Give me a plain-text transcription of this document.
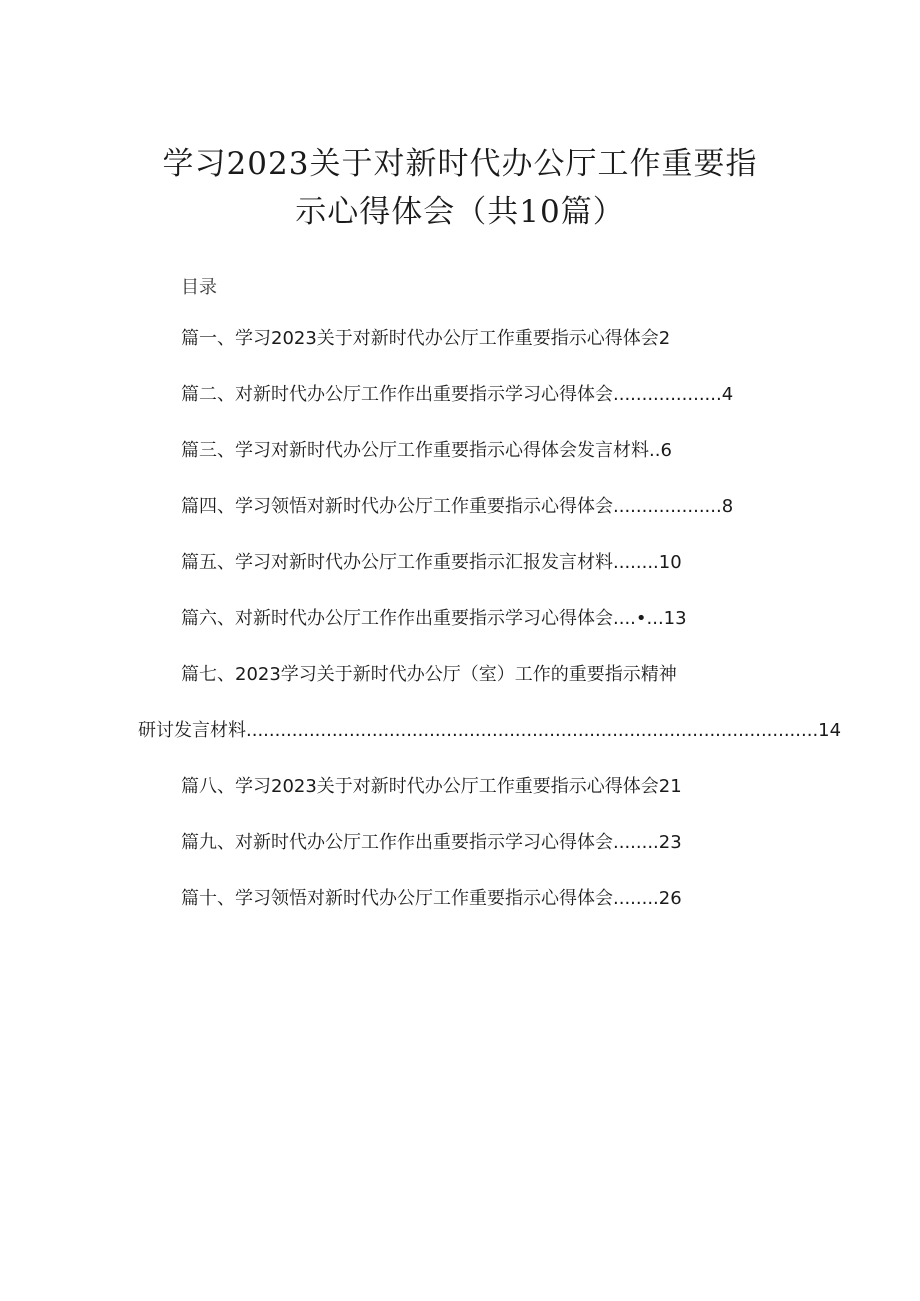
学习2023关于对新时代办公厅工作重要指
示心得体会（共10篇）
目录
篇一、学习2023关于对新时代办公厅工作重要指示心得体会2
篇二、对新时代办公厅工作作出重要指示学习心得体会...................4
篇三、学习对新时代办公厅工作重要指示心得体会发言材料..6
篇四、学习领悟对新时代办公厅工作重要指示心得体会...................8
篇五、学习对新时代办公厅工作重要指示汇报发言材料........10
篇六、对新时代办公厅工作作出重要指示学习心得体会....•...13
篇七、2023学习关于新时代办公厅（室）工作的重要指示精神
研讨发言材料 .................................................................................................... 14
篇八、学习2023关于对新时代办公厅工作重要指示心得体会21
篇九、对新时代办公厅工作作出重要指示学习心得体会........23
篇十、学习领悟对新时代办公厅工作重要指示心得体会........26
